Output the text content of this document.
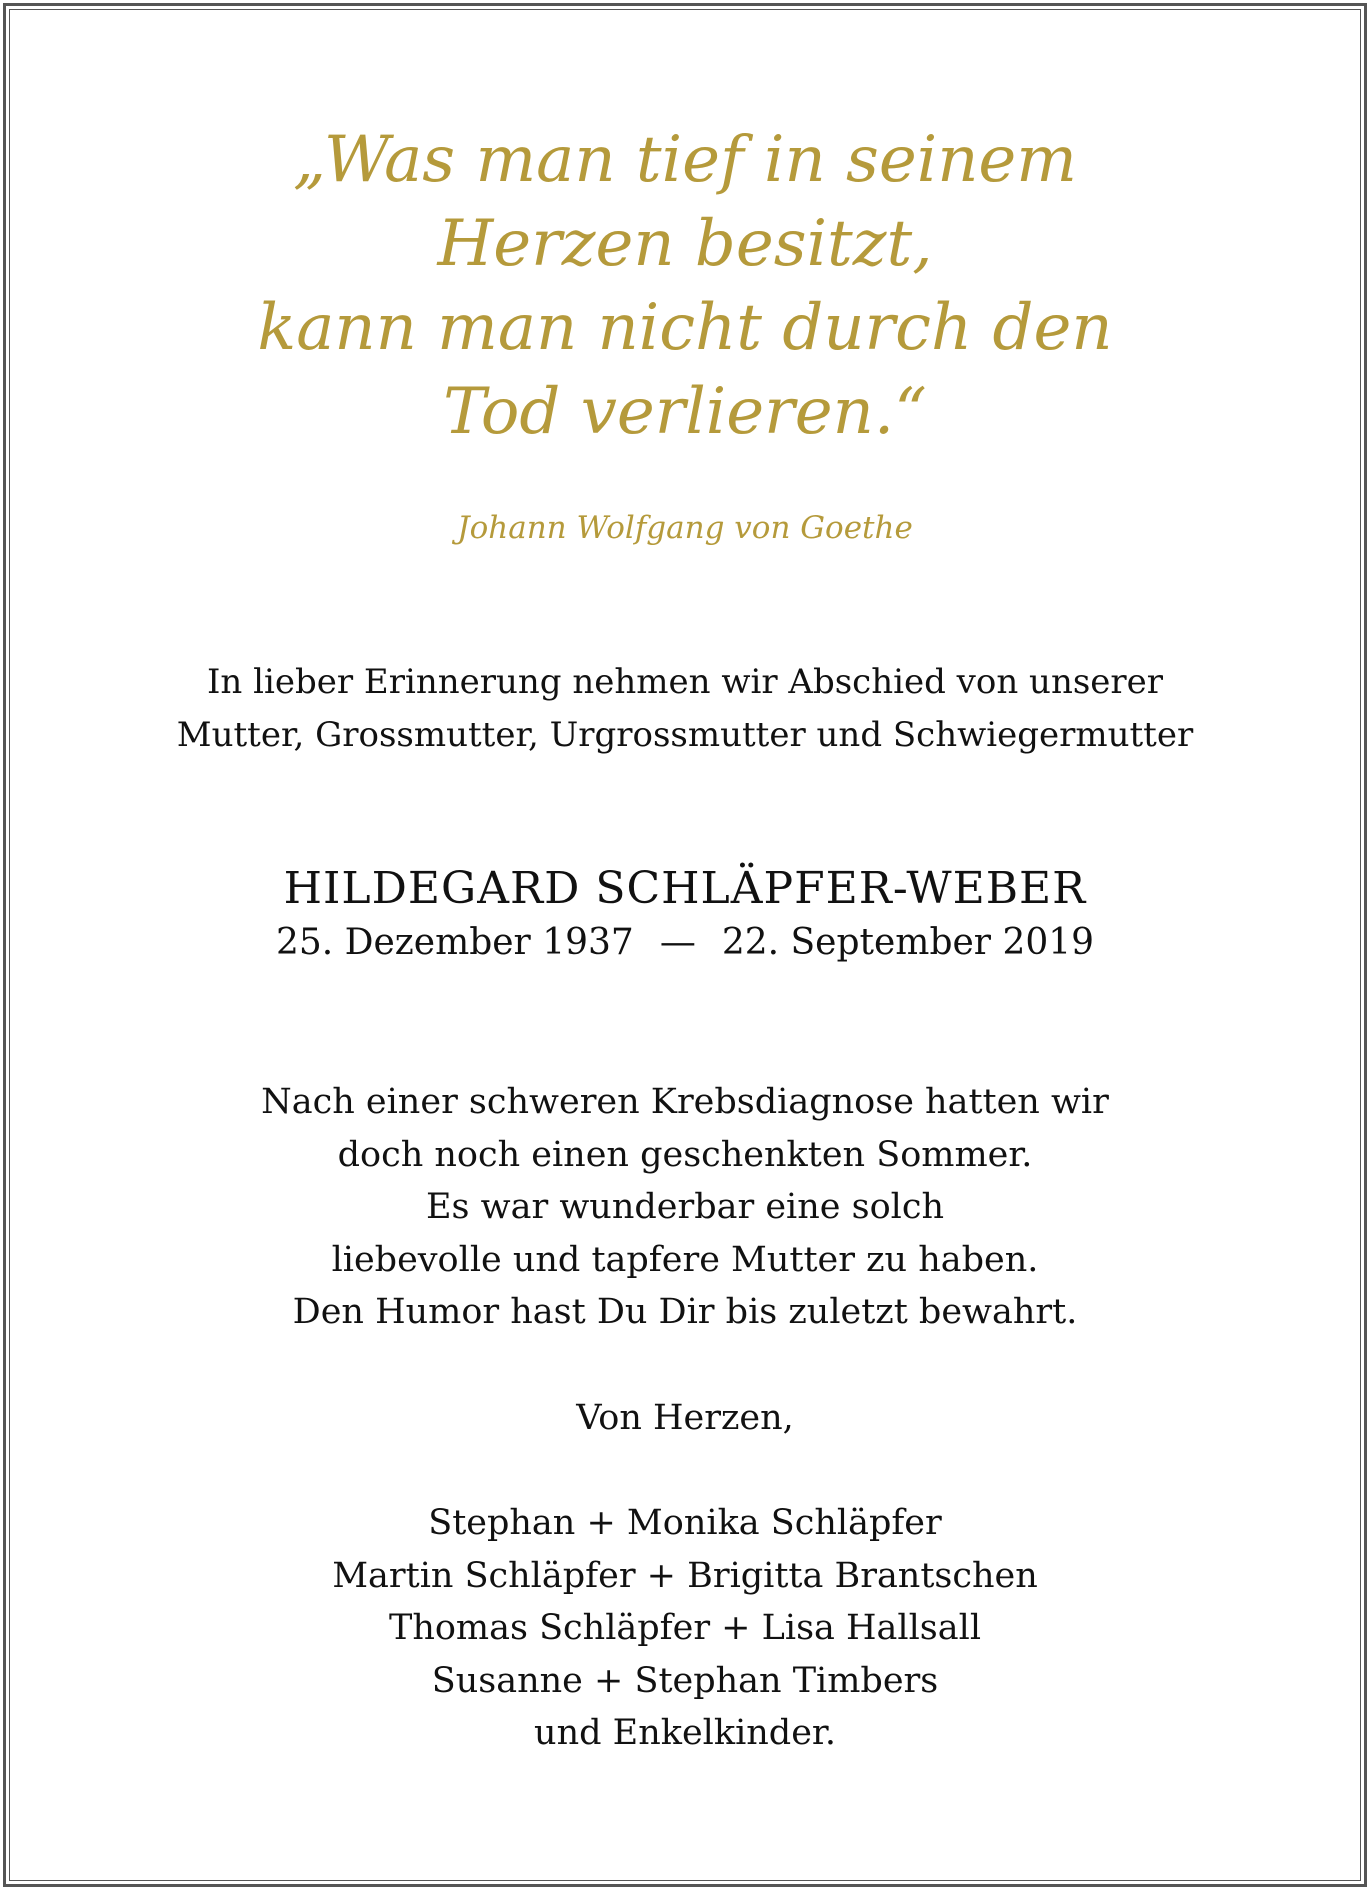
„Was man tief in seinem
Herzen besitzt,
kann man nicht durch den
Tod verlieren.“
Johann Wolfgang von Goethe
In lieber Erinnerung nehmen wir Abschied von unserer
Mutter, Grossmutter, Urgrossmutter und Schwiegermutter
HILDEGARD SCHLÄPFER-WEBER
25. Dezember 1937 — 22. September 2019
Nach einer schweren Krebsdiagnose hatten wir
doch noch einen geschenkten Sommer.
Es war wunderbar eine solch
liebevolle und tapfere Mutter zu haben.
Den Humor hast Du Dir bis zuletzt bewahrt.
Von Herzen,
Stephan + Monika Schläpfer
Martin Schläpfer + Brigitta Brantschen
Thomas Schläpfer + Lisa Hallsall
Susanne + Stephan Timbers
und Enkelkinder.
